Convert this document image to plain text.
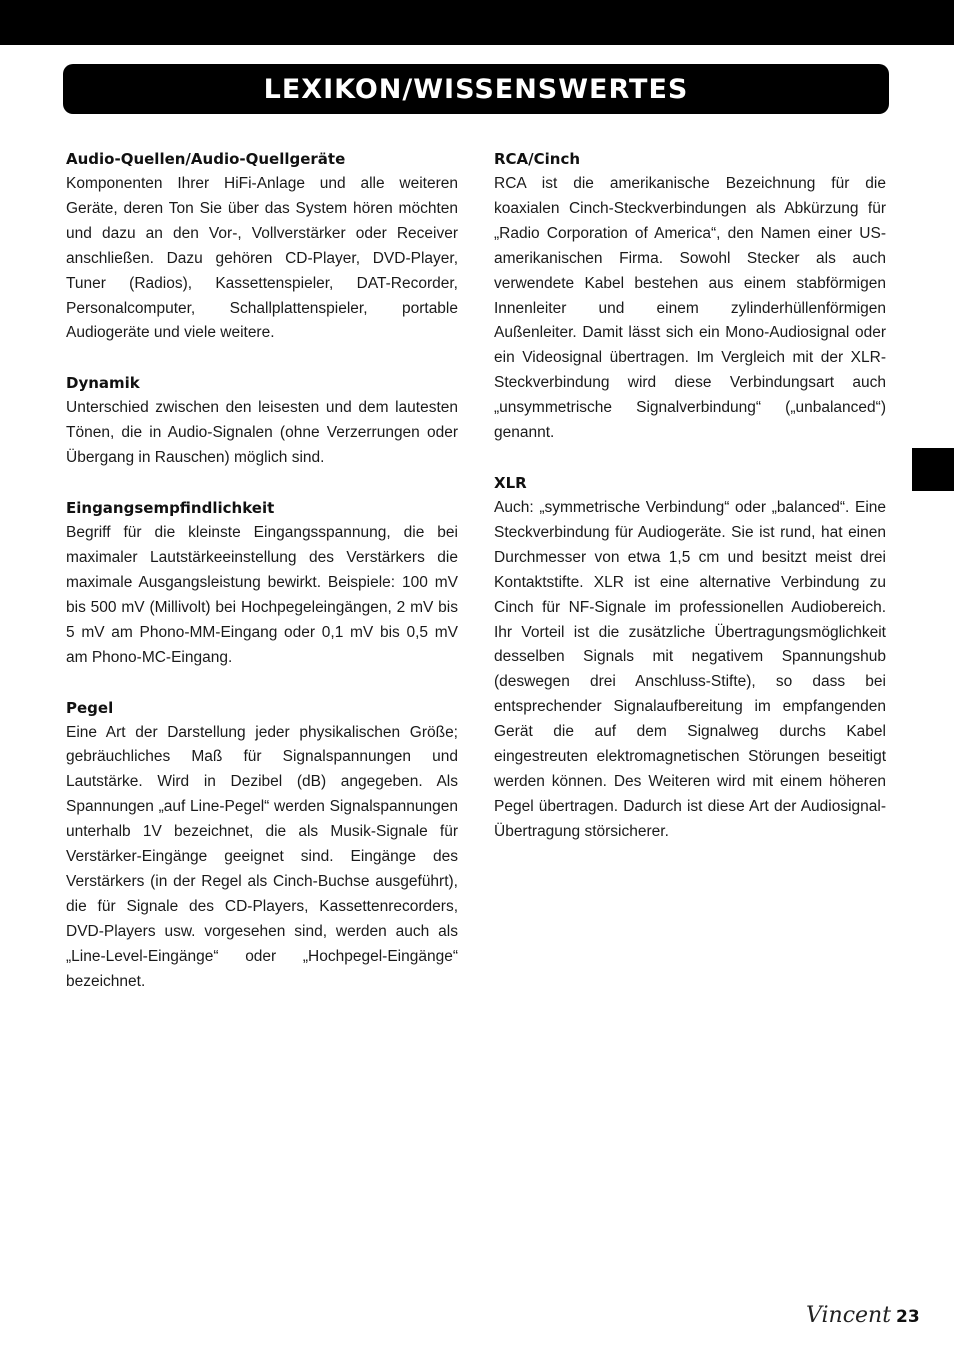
LEXIKON/WISSENSWERTES
Audio-Quellen/Audio-Quellgeräte

Komponenten Ihrer HiFi-Anlage und alle weiteren Geräte, deren Ton Sie über das System hören möchten und dazu an den Vor-, Vollverstärker oder Receiver anschließen. Dazu gehören CD-Player, DVD-Player, Tuner (Radios), Kassettenspieler, DAT-Recorder, Personalcomputer, Schallplattenspieler, portable Audiogeräte und viele weitere.

Dynamik

Unterschied zwischen den leisesten und dem lautesten Tönen, die in Audio-Signalen (ohne Verzerrungen oder Übergang in Rauschen) möglich sind.

Eingangsempfindlichkeit

Begriff für die kleinste Eingangsspannung, die bei maximaler Lautstärkeeinstellung des Verstärkers die maximale Ausgangsleistung bewirkt. Beispiele: 100 mV bis 500 mV (Millivolt) bei Hochpegeleingängen, 2 mV bis 5 mV am Phono-MM-Eingang oder 0,1 mV bis 0,5 mV am Phono-MC-Eingang.

Pegel

Eine Art der Darstellung jeder physikalischen Größe; gebräuchliches Maß für Signalspannungen und Lautstärke. Wird in Dezibel (dB) angegeben. Als Spannungen „auf Line-Pegel“ werden Signalspannungen unterhalb 1V bezeichnet, die als Musik-Signale für Verstärker-Eingänge geeignet sind. Eingänge des Verstärkers (in der Regel als Cinch-Buchse ausgeführt), die für Signale des CD-Players, Kassettenrecorders, DVD-Players usw. vorgesehen sind, werden auch als „Line-Level-Eingänge“ oder „Hochpegel-Eingänge“ bezeichnet.

RCA/Cinch

RCA ist die amerikanische Bezeichnung für die koaxialen Cinch-Steckverbindungen als Abkürzung für „Radio Corporation of America“, den Namen einer US-amerikanischen Firma. Sowohl Stecker als auch verwendete Kabel bestehen aus einem stabförmigen Innenleiter und einem zylinderhüllenförmigen Außenleiter. Damit lässt sich ein Mono-Audiosignal oder ein Videosignal übertragen. Im Vergleich mit der XLR-Steckverbindung wird diese Verbindungsart auch „unsymmetrische Signalverbindung“ („unbalanced“) genannt.

XLR

Auch: „symmetrische Verbindung“ oder „balanced“. Eine Steckverbindung für Audiogeräte. Sie ist rund, hat einen Durchmesser von etwa 1,5 cm und besitzt meist drei Kontaktstifte. XLR ist eine alternative Verbindung zu Cinch für NF-Signale im professionellen Audiobereich. Ihr Vorteil ist die zusätzliche Übertragungsmöglichkeit desselben Signals mit negativem Spannungshub (deswegen drei Anschluss-Stifte), so dass bei entsprechender Signalaufbereitung im empfangenden Gerät die auf dem Signalweg durchs Kabel eingestreuten elektromagnetischen Störungen beseitigt werden können. Des Weiteren wird mit einem höheren Pegel übertragen. Dadurch ist diese Art der Audiosignal-Übertragung störsicherer.

Vincent 23
